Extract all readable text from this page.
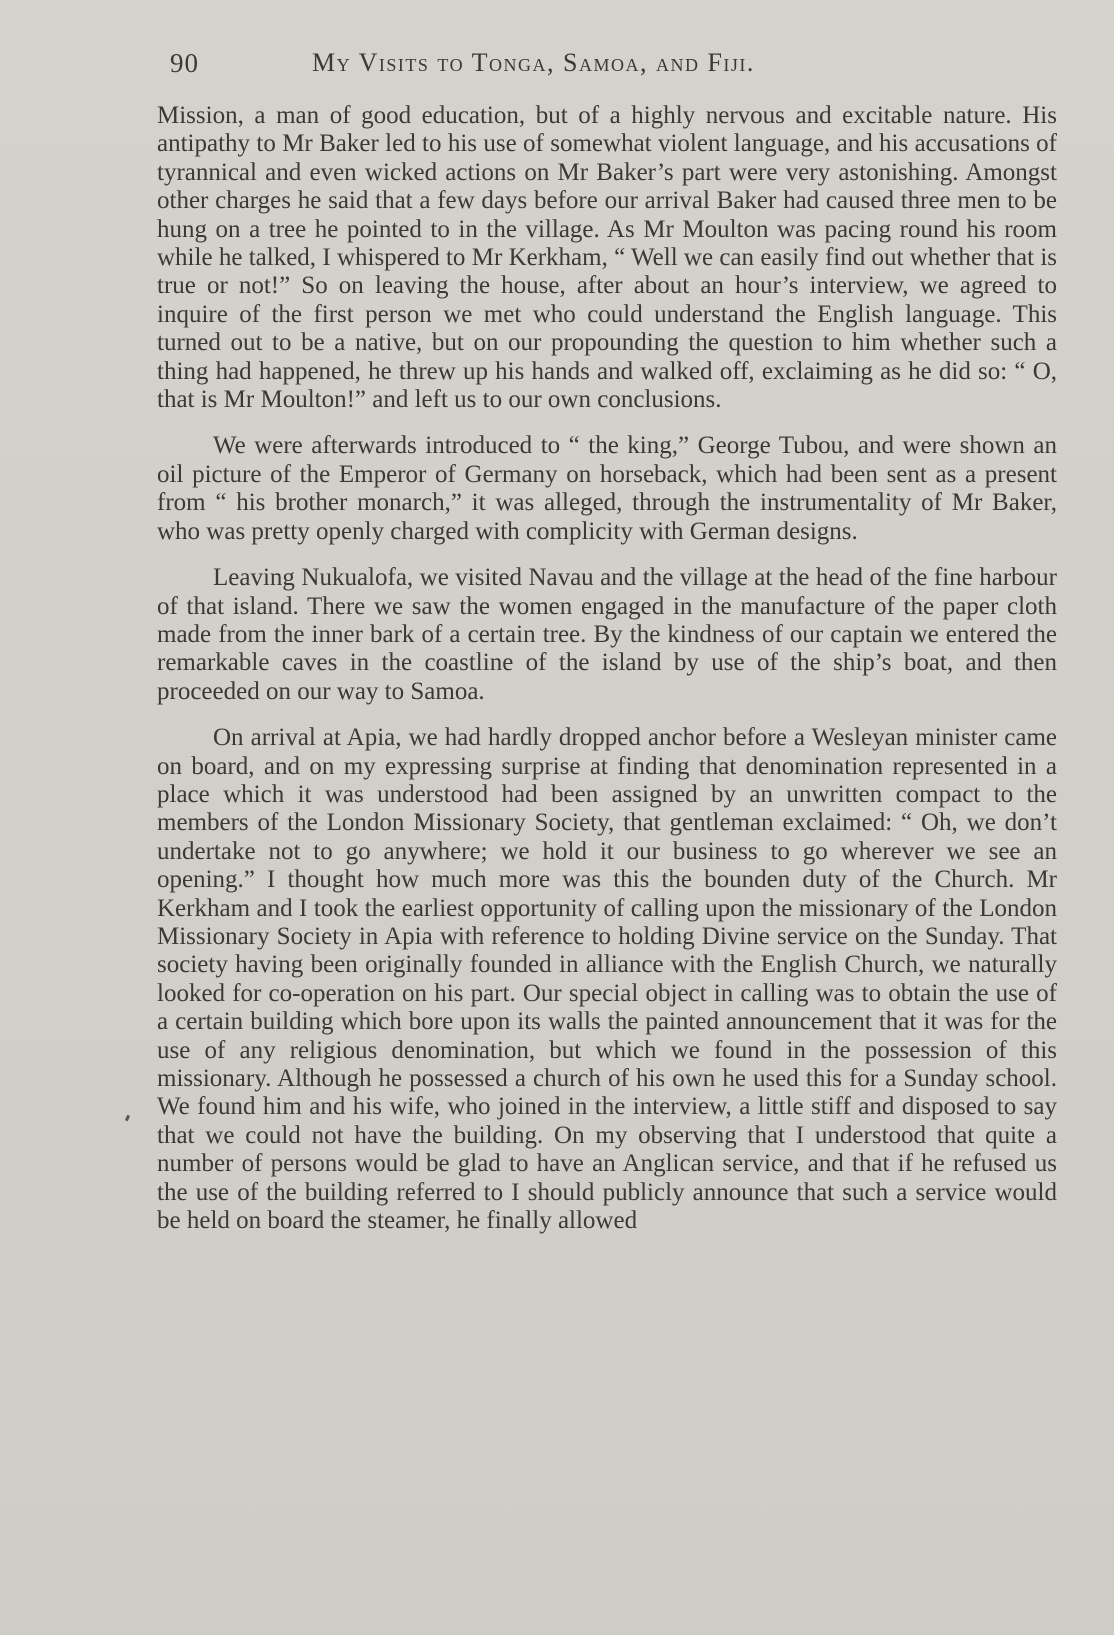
90	My Visits to Tonga, Samoa, and Fiji.

Mission, a man of good education, but of a highly nervous and excitable nature. His antipathy to Mr Baker led to his use of somewhat violent language, and his accusations of tyrannical and even wicked actions on Mr Baker’s part were very astonishing. Amongst other charges he said that a few days before our arrival Baker had caused three men to be hung on a tree he pointed to in the village. As Mr Moulton was pacing round his room while he talked, I whispered to Mr Kerkham, “ Well we can easily find out whether that is true or not!” So on leaving the house, after about an hour’s interview, we agreed to inquire of the first person we met who could understand the English language. This turned out to be a native, but on our propounding the question to him whether such a thing had happened, he threw up his hands and walked off, exclaiming as he did so: “ O, that is Mr Moulton!” and left us to our own conclusions.

We were afterwards introduced to “ the king,” George Tubou, and were shown an oil picture of the Emperor of Germany on horseback, which had been sent as a present from “ his brother monarch,” it was alleged, through the instrumentality of Mr Baker, who was pretty openly charged with complicity with German designs.

Leaving Nukualofa, we visited Navau and the village at the head of the fine harbour of that island. There we saw the women engaged in the manufacture of the paper cloth made from the inner bark of a certain tree. By the kindness of our captain we entered the remarkable caves in the coastline of the island by use of the ship’s boat, and then proceeded on our way to Samoa.

On arrival at Apia, we had hardly dropped anchor before a Wesleyan minister came on board, and on my expressing surprise at finding that denomination represented in a place which it was understood had been assigned by an unwritten compact to the members of the London Missionary Society, that gentleman exclaimed: “ Oh, we don’t undertake not to go anywhere; we hold it our business to go wherever we see an opening.” I thought how much more was this the bounden duty of the Church. Mr Kerkham and I took the earliest opportunity of calling upon the missionary of the London Missionary Society in Apia with reference to holding Divine service on the Sunday. That society having been originally founded in alliance with the English Church, we naturally looked for co-operation on his part. Our special object in calling was to obtain the use of a certain building which bore upon its walls the painted announcement that it was for the use of any religious denomination, but which we found in the possession of this missionary. Although he possessed a church of his own he used this for a Sunday school. We found him and his wife, who joined in the interview, a little stiff and disposed to say that we could not have the building. On my observing that I understood that quite a number of persons would be glad to have an Anglican service, and that if he refused us the use of the building referred to I should publicly announce that such a service would be held on board the steamer, he finally allowed
